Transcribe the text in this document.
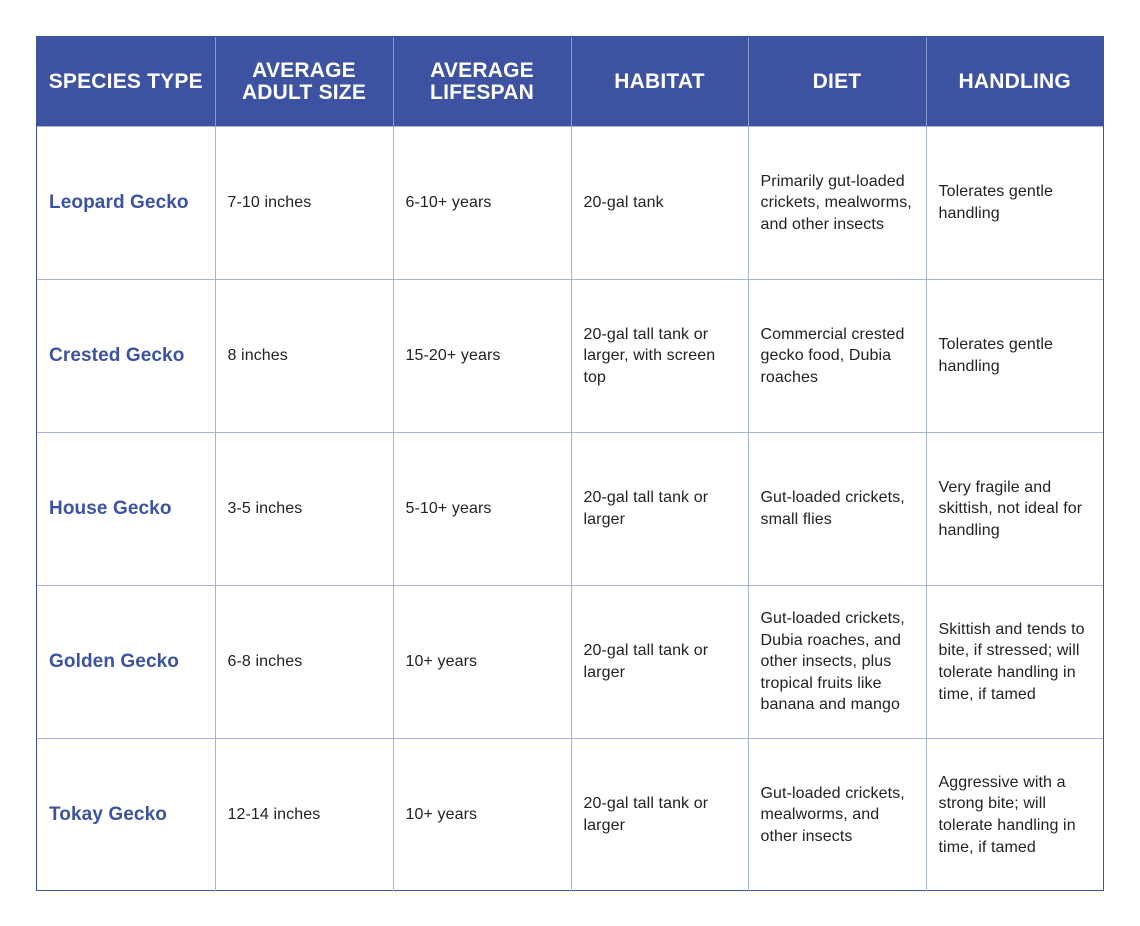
SPECIES TYPE	AVERAGE ADULT SIZE	AVERAGE LIFESPAN	HABITAT	DIET	HANDLING
Leopard Gecko	7-10 inches	6-10+ years	20-gal tank	Primarily gut-loaded crickets, mealworms, and other insects	Tolerates gentle handling
Crested Gecko	8 inches	15-20+ years	20-gal tall tank or larger, with screen top	Commercial crested gecko food, Dubia roaches	Tolerates gentle handling
House Gecko	3-5 inches	5-10+ years	20-gal tall tank or larger	Gut-loaded crickets, small flies	Very fragile and skittish, not ideal for handling
Golden Gecko	6-8 inches	10+ years	20-gal tall tank or larger	Gut-loaded crickets, Dubia roaches, and other insects, plus tropical fruits like banana and mango	Skittish and tends to bite, if stressed; will tolerate handling in time, if tamed
Tokay Gecko	12-14 inches	10+ years	20-gal tall tank or larger	Gut-loaded crickets, mealworms, and other insects	Aggressive with a strong bite; will tolerate handling in time, if tamed
